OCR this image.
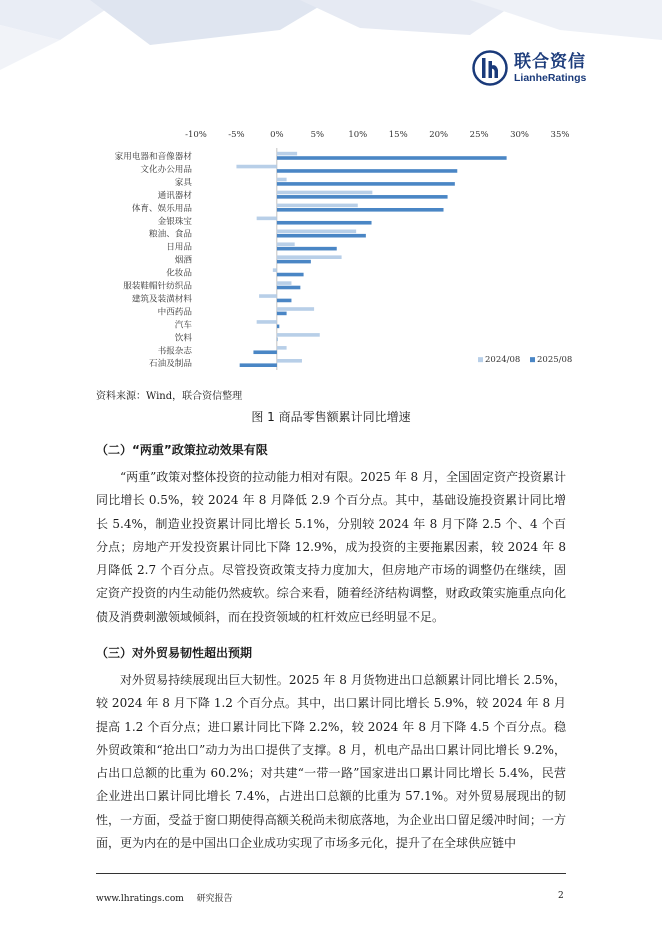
联合资信
LianheRatings
-10%	-5%	0%	5%	10%	15%	20%	25%	30%	35%
家用电器和音像器材
文化办公用品
家具
通讯器材
体育、娱乐用品
金银珠宝
粮油、食品
日用品
烟酒
化妆品
服装鞋帽针纺织品
建筑及装潢材料
中西药品
汽车
饮料
书报杂志
石油及制品	2024/08 2025/08
资料来源：Wind，联合资信整理
图 1 商品零售额累计同比增速
（二）“两重”政策拉动效果有限
“两重”政策对整体投资的拉动能力相对有限。2025 年 8 月，全国固定资产投资累计同比增长 0.5%，较 2024 年 8 月降低 2.9 个百分点。其中，基础设施投资累计同比增长 5.4%，制造业投资累计同比增长 5.1%，分别较 2024 年 8 月下降 2.5 个、4 个百分点；房地产开发投资累计同比下降 12.9%，成为投资的主要拖累因素，较 2024 年 8 月降低 2.7 个百分点。尽管投资政策支持力度加大，但房地产市场的调整仍在继续，固定资产投资的内生动能仍然疲软。综合来看，随着经济结构调整，财政政策实施重点向化债及消费刺激领域倾斜，而在投资领域的杠杆效应已经明显不足。
（三）对外贸易韧性超出预期
对外贸易持续展现出巨大韧性。2025 年 8 月货物进出口总额累计同比增长 2.5%，较 2024 年 8 月下降 1.2 个百分点。其中，出口累计同比增长 5.9%，较 2024 年 8 月提高 1.2 个百分点；进口累计同比下降 2.2%，较 2024 年 8 月下降 4.5 个百分点。稳外贸政策和“抢出口”动力为出口提供了支撑。8 月，机电产品出口累计同比增长 9.2%，占出口总额的比重为 60.2%；对共建“一带一路”国家进出口累计同比增长 5.4%，民营企业进出口累计同比增长 7.4%，占进出口总额的比重为 57.1%。对外贸易展现出的韧性，一方面，受益于窗口期使得高额关税尚未彻底落地，为企业出口留足缓冲时间；一方面，更为内在的是中国出口企业成功实现了市场多元化，提升了在全球供应链中
www.lhratings.com 研究报告	2
